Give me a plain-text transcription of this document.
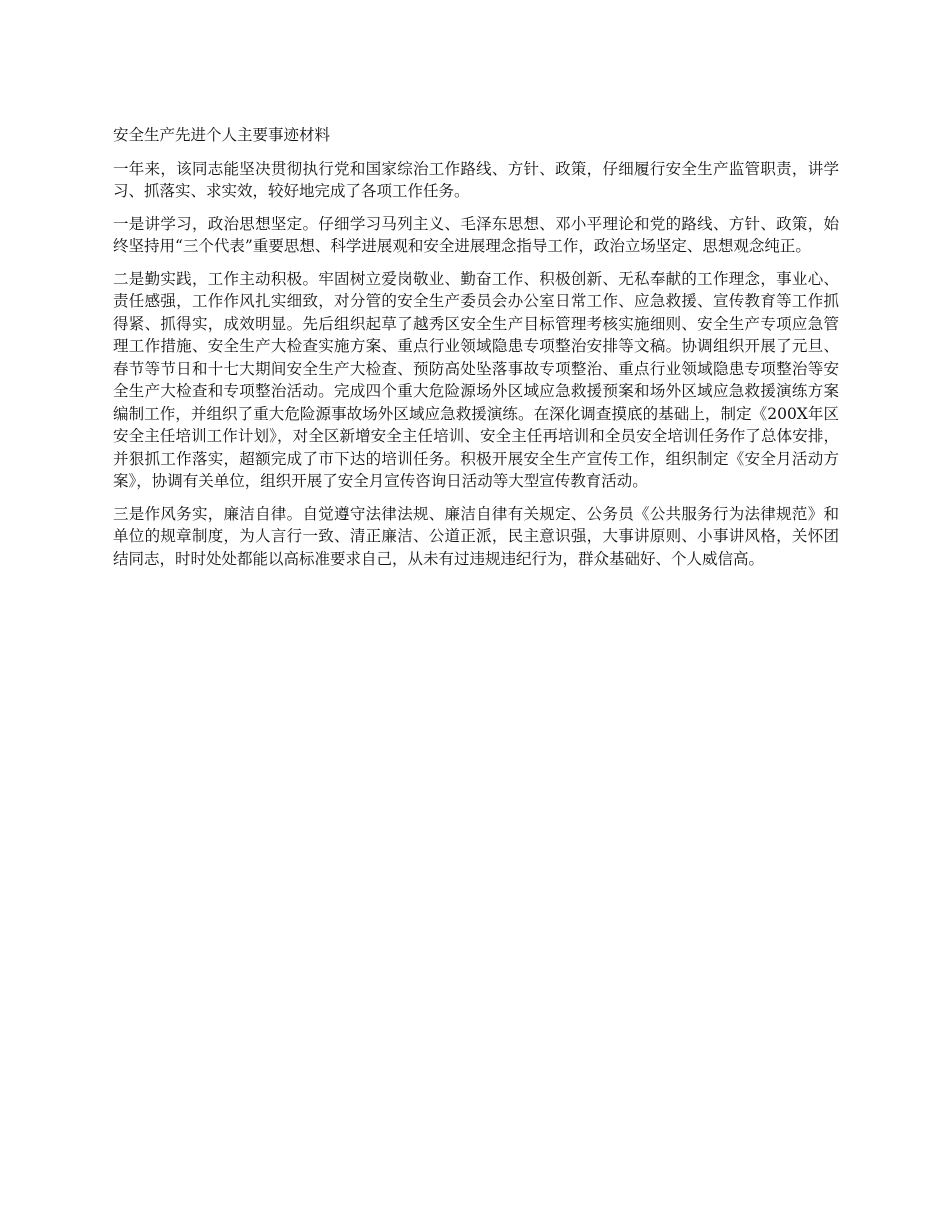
安全生产先进个人主要事迹材料

一年来，该同志能坚决贯彻执行党和国家综治工作路线、方针、政策，仔细履行安全生产监管职责，讲学习、抓落实、求实效，较好地完成了各项工作任务。

一是讲学习，政治思想坚定。仔细学习马列主义、毛泽东思想、邓小平理论和党的路线、方针、政策，始终坚持用“三个代表”重要思想、科学进展观和安全进展理念指导工作，政治立场坚定、思想观念纯正。

二是勤实践，工作主动积极。牢固树立爱岗敬业、勤奋工作、积极创新、无私奉献的工作理念，事业心、责任感强，工作作风扎实细致，对分管的安全生产委员会办公室日常工作、应急救援、宣传教育等工作抓得紧、抓得实，成效明显。先后组织起草了越秀区安全生产目标管理考核实施细则、安全生产专项应急管理工作措施、安全生产大检查实施方案、重点行业领域隐患专项整治安排等文稿。协调组织开展了元旦、春节等节日和十七大期间安全生产大检查、预防高处坠落事故专项整治、重点行业领域隐患专项整治等安全生产大检查和专项整治活动。完成四个重大危险源场外区域应急救援预案和场外区域应急救援演练方案编制工作，并组织了重大危险源事故场外区域应急救援演练。在深化调查摸底的基础上，制定《200X年区安全主任培训工作计划》，对全区新增安全主任培训、安全主任再培训和全员安全培训任务作了总体安排，并狠抓工作落实，超额完成了市下达的培训任务。积极开展安全生产宣传工作，组织制定《安全月活动方案》，协调有关单位，组织开展了安全月宣传咨询日活动等大型宣传教育活动。

三是作风务实，廉洁自律。自觉遵守法律法规、廉洁自律有关规定、公务员《公共服务行为法律规范》和单位的规章制度，为人言行一致、清正廉洁、公道正派，民主意识强，大事讲原则、小事讲风格，关怀团结同志，时时处处都能以高标准要求自己，从未有过违规违纪行为，群众基础好、个人威信高。
